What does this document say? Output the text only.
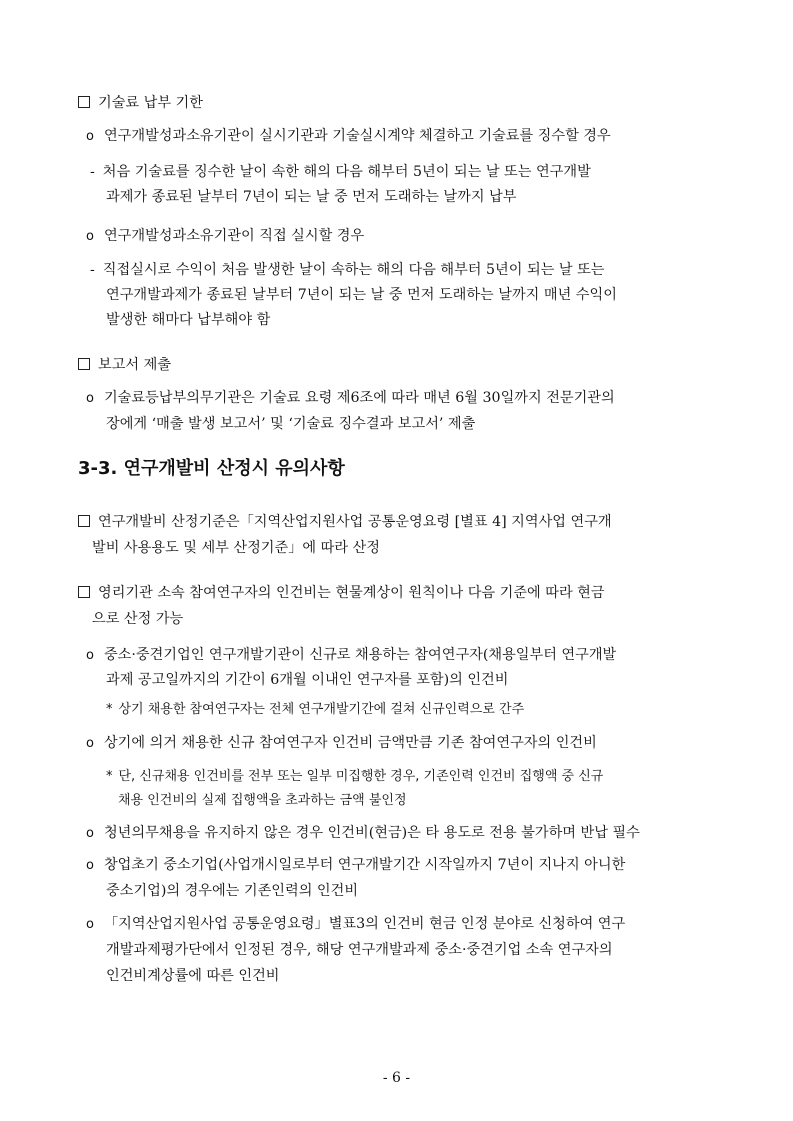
기술료 납부 기한
o 연구개발성과소유기관이 실시기관과 기술실시계약 체결하고 기술료를 징수할 경우
- 처음 기술료를 징수한 날이 속한 해의 다음 해부터 5년이 되는 날 또는 연구개발
과제가 종료된 날부터 7년이 되는 날 중 먼저 도래하는 날까지 납부
o 연구개발성과소유기관이 직접 실시할 경우
- 직접실시로 수익이 처음 발생한 날이 속하는 해의 다음 해부터 5년이 되는 날 또는
연구개발과제가 종료된 날부터 7년이 되는 날 중 먼저 도래하는 날까지 매년 수익이
발생한 해마다 납부해야 함
보고서 제출
o 기술료등납부의무기관은 기술료 요령 제6조에 따라 매년 6월 30일까지 전문기관의
장에게 ‘매출 발생 보고서’ 및 ‘기술료 징수결과 보고서’ 제출
3-3. 연구개발비 산정시 유의사항
연구개발비 산정기준은「지역산업지원사업 공통운영요령 [별표 4] 지역사업 연구개
발비 사용용도 및 세부 산정기준」에 따라 산정
영리기관 소속 참여연구자의 인건비는 현물계상이 원칙이나 다음 기준에 따라 현금
으로 산정 가능
o 중소·중견기업인 연구개발기관이 신규로 채용하는 참여연구자(채용일부터 연구개발
과제 공고일까지의 기간이 6개월 이내인 연구자를 포함)의 인건비
* 상기 채용한 참여연구자는 전체 연구개발기간에 걸쳐 신규인력으로 간주
o 상기에 의거 채용한 신규 참여연구자 인건비 금액만큼 기존 참여연구자의 인건비
* 단, 신규채용 인건비를 전부 또는 일부 미집행한 경우, 기존인력 인건비 집행액 중 신규
채용 인건비의 실제 집행액을 초과하는 금액 불인정
o 청년의무채용을 유지하지 않은 경우 인건비(현금)은 타 용도로 전용 불가하며 반납 필수
o 창업초기 중소기업(사업개시일로부터 연구개발기간 시작일까지 7년이 지나지 아니한
중소기업)의 경우에는 기존인력의 인건비
o 「지역산업지원사업 공통운영요령」별표3의 인건비 현금 인정 분야로 신청하여 연구
개발과제평가단에서 인정된 경우, 해당 연구개발과제 중소·중견기업 소속 연구자의
인건비계상률에 따른 인건비
- 6 -
